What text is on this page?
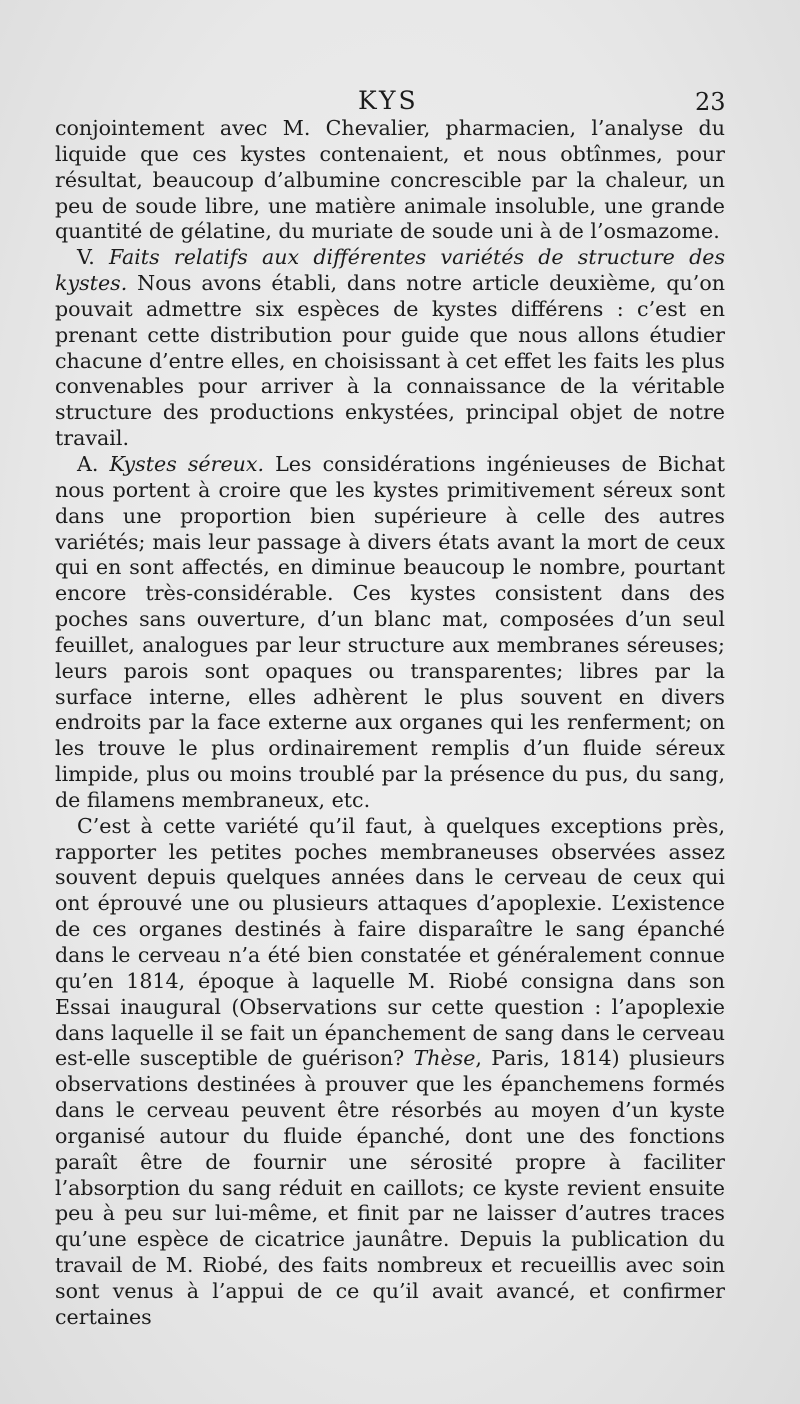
KYS	23

conjointement avec M. Chevalier, pharmacien, l’analyse du liquide que ces kystes contenaient, et nous obtînmes, pour résultat, beaucoup d’albumine concrescible par la chaleur, un peu de soude libre, une matière animale insoluble, une grande quantité de gélatine, du muriate de soude uni à de l’osmazome.

V. Faits relatifs aux différentes variétés de structure des kystes. Nous avons établi, dans notre article deuxième, qu’on pouvait admettre six espèces de kystes différens : c’est en prenant cette distribution pour guide que nous allons étudier chacune d’entre elles, en choisissant à cet effet les faits les plus convenables pour arriver à la connaissance de la véritable structure des productions enkystées, principal objet de notre travail.

A. Kystes séreux. Les considérations ingénieuses de Bichat nous portent à croire que les kystes primitivement séreux sont dans une proportion bien supérieure à celle des autres variétés; mais leur passage à divers états avant la mort de ceux qui en sont affectés, en diminue beaucoup le nombre, pourtant encore très-considérable. Ces kystes consistent dans des poches sans ouverture, d’un blanc mat, composées d’un seul feuillet, analogues par leur structure aux membranes séreuses; leurs parois sont opaques ou transparentes; libres par la surface interne, elles adhèrent le plus souvent en divers endroits par la face externe aux organes qui les renferment; on les trouve le plus ordinairement remplis d’un fluide séreux limpide, plus ou moins troublé par la présence du pus, du sang, de filamens membraneux, etc.

C’est à cette variété qu’il faut, à quelques exceptions près, rapporter les petites poches membraneuses observées assez souvent depuis quelques années dans le cerveau de ceux qui ont éprouvé une ou plusieurs attaques d’apoplexie. L’existence de ces organes destinés à faire disparaître le sang épanché dans le cerveau n’a été bien constatée et généralement connue qu’en 1814, époque à laquelle M. Riobé consigna dans son Essai inaugural (Observations sur cette question : l’apoplexie dans laquelle il se fait un épanchement de sang dans le cerveau est-elle susceptible de guérison? Thèse, Paris, 1814) plusieurs observations destinées à prouver que les épanchemens formés dans le cerveau peuvent être résorbés au moyen d’un kyste organisé autour du fluide épanché, dont une des fonctions paraît être de fournir une sérosité propre à faciliter l’absorption du sang réduit en caillots; ce kyste revient ensuite peu à peu sur lui-même, et finit par ne laisser d’autres traces qu’une espèce de cicatrice jaunâtre. Depuis la publication du travail de M. Riobé, des faits nombreux et recueillis avec soin sont venus à l’appui de ce qu’il avait avancé, et confirmer certaines
